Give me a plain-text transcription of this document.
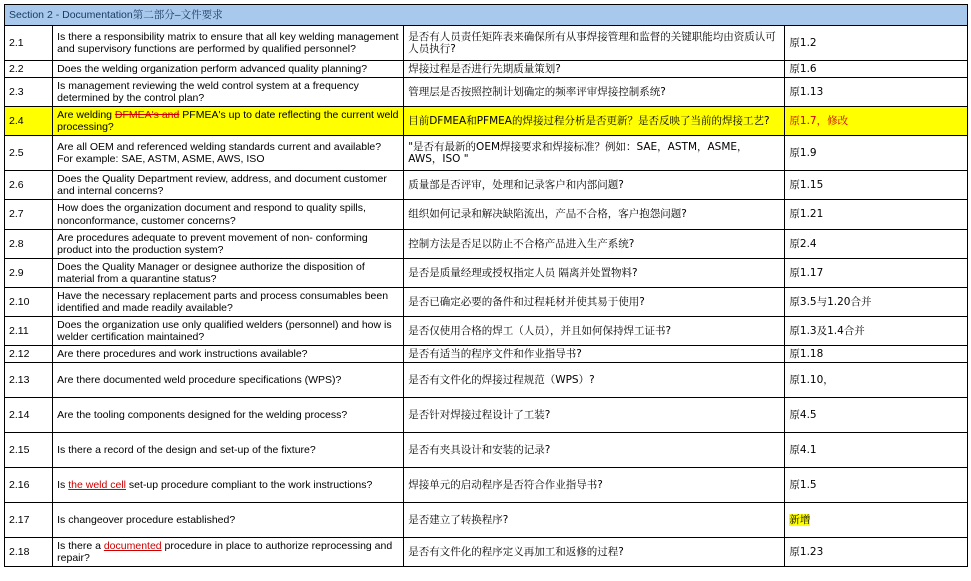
Section 2 - Documentation第二部分–文件要求			
2.1	Is there a responsibility matrix to ensure that all key welding management and supervisory functions are performed by qualified personnel?	是否有人员责任矩阵表来确保所有从事焊接管理和监督的关键职能均由资质认可人员执行?	原1.2
2.2	Does the welding organization perform advanced quality planning?	焊接过程是否进行先期质量策划?	原1.6
2.3	Is management reviewing the weld control system at a frequency determined by the control plan?	管理层是否按照控制计划确定的频率评审焊接控制系统?	原1.13
2.4	Are welding DFMEA's and PFMEA's up to date reflecting the current weld processing?	目前DFMEA和PFMEA的焊接过程分析是否更新？是否反映了当前的焊接工艺?	原1.7，修改
2.5	Are all OEM and referenced welding standards current and available? For example: SAE, ASTM, ASME, AWS, ISO	"是否有最新的OEM焊接要求和焊接标准？例如：SAE，ASTM，ASME，AWS，ISO "	原1.9
2.6	Does the Quality Department review, address, and document customer and internal concerns?	质量部是否评审，处理和记录客户和内部问题?	原1.15
2.7	How does the organization document and respond to quality spills, nonconformance, customer concerns?	组织如何记录和解决缺陷流出，产品不合格，客户抱怨问题?	原1.21
2.8	Are procedures adequate to prevent movement of non- conforming product into the production system?	控制方法是否足以防止不合格产品进入生产系统?	原2.4
2.9	Does the Quality Manager or designee authorize the disposition of material from a quarantine status?	是否是质量经理或授权指定人员 隔离并处置物料?	原1.17
2.10	Have the necessary replacement parts and process consumables been identified and made readily available?	是否已确定必要的备件和过程耗材并使其易于使用?	原3.5与1.20合并
2.11	Does the organization use only qualified welders (personnel) and how is welder certification maintained?	是否仅使用合格的焊工（人员），并且如何保持焊工证书?	原1.3及1.4合并
2.12	Are there procedures and work instructions available?	是否有适当的程序文件和作业指导书?	原1.18
2.13	Are there documented weld procedure specifications (WPS)?	是否有文件化的焊接过程规范（WPS）?	原1.10，
2.14	Are the tooling components designed for the welding process?	是否针对焊接过程设计了工装?	原4.5
2.15	Is there a record of the design and set-up of the fixture?	是否有夹具设计和安装的记录?	原4.1
2.16	Is the weld cell set-up procedure compliant to the work instructions?	焊接单元的启动程序是否符合作业指导书?	原1.5
2.17	Is changeover procedure established?	是否建立了转换程序?	新增
2.18	Is there a documented procedure in place to authorize reprocessing and repair?	是否有文件化的程序定义再加工和返修的过程?	原1.23
